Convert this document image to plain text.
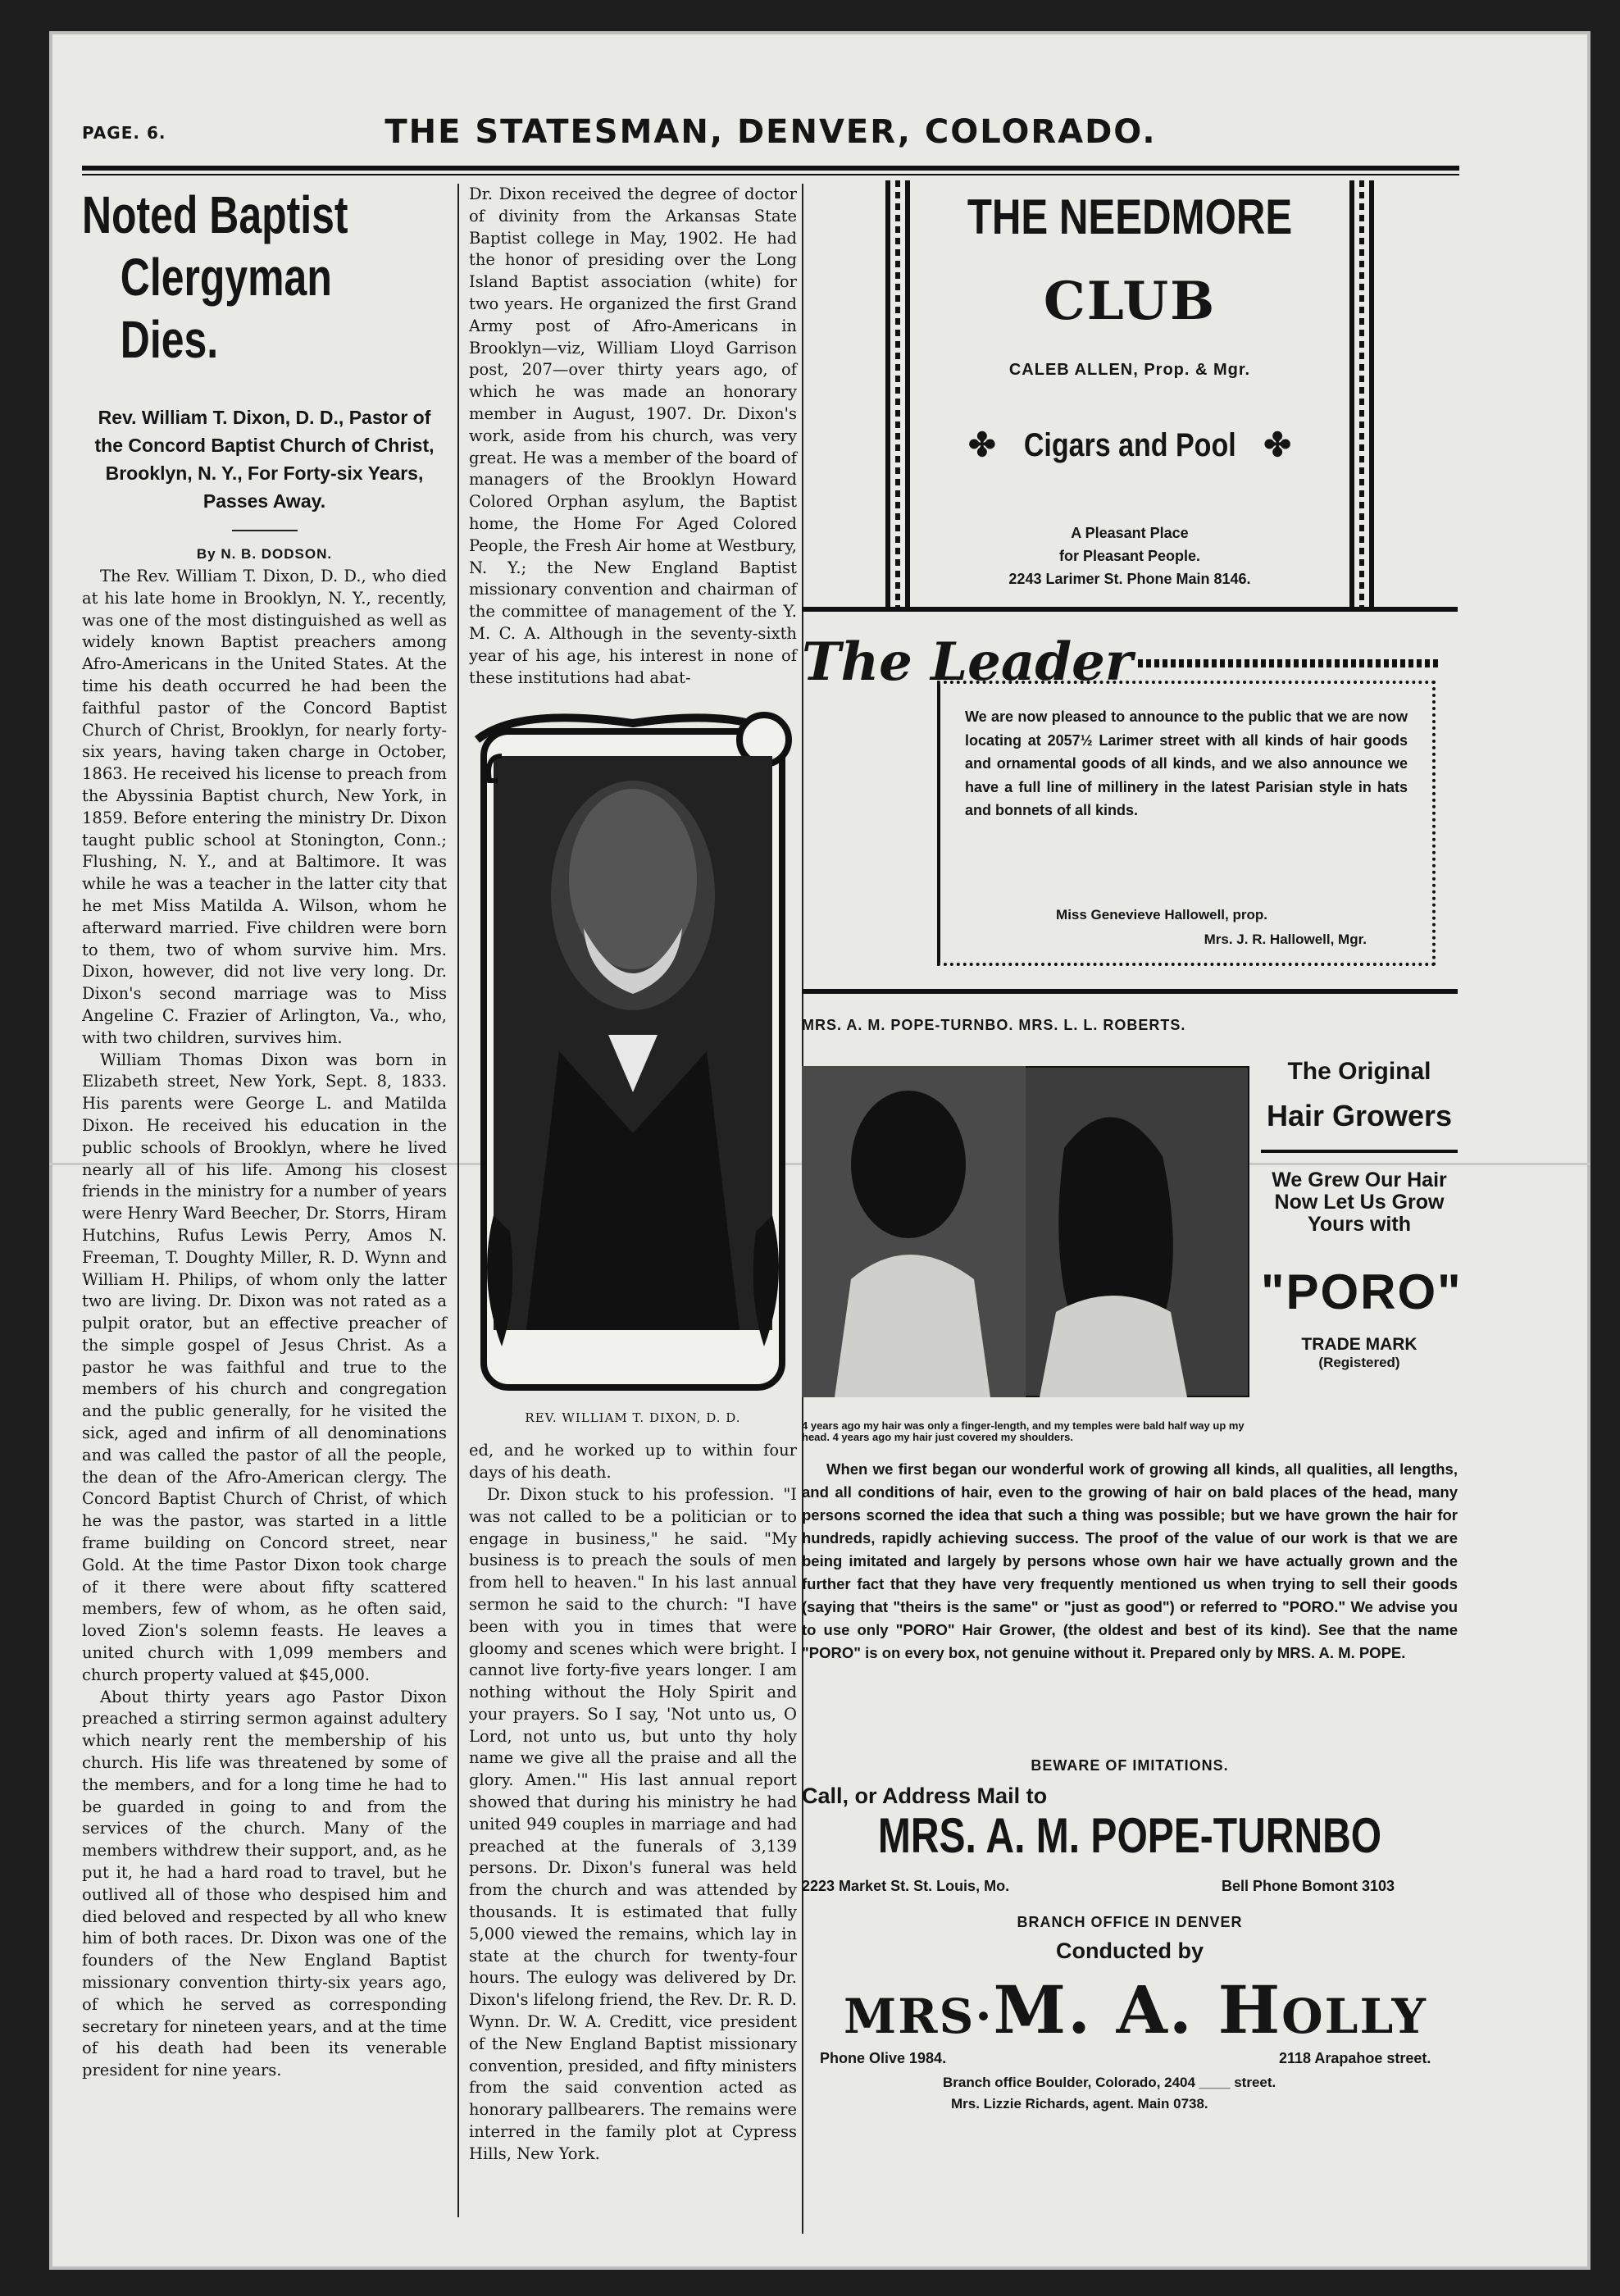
PAGE. 6.	THE STATESMAN, DENVER, COLORADO.
Noted Baptist
Clergyman Dies.
Rev. William T. Dixon, D. D., Pastor of the Concord Baptist Church of Christ, Brooklyn, N. Y., For Forty-six Years, Passes Away.
By N. B. DODSON.

The Rev. William T. Dixon, D. D., who died at his late home in Brooklyn, N. Y., recently, was one of the most distinguished as well as widely known Baptist preachers among Afro-Americans in the United States. At the time his death occurred he had been the faithful pastor of the Concord Baptist Church of Christ, Brooklyn, for nearly forty-six years, having taken charge in October, 1863. He received his license to preach from the Abyssinia Baptist church, New York, in 1859. Before entering the ministry Dr. Dixon taught public school at Stonington, Conn.; Flushing, N. Y., and at Baltimore. It was while he was a teacher in the latter city that he met Miss Matilda A. Wilson, whom he afterward married. Five children were born to them, two of whom survive him. Mrs. Dixon, however, did not live very long. Dr. Dixon's second marriage was to Miss Angeline C. Frazier of Arlington, Va., who, with two children, survives him.

William Thomas Dixon was born in Elizabeth street, New York, Sept. 8, 1833. His parents were George L. and Matilda Dixon. He received his education in the public schools of Brooklyn, where he lived nearly all of his life. Among his closest friends in the ministry for a number of years were Henry Ward Beecher, Dr. Storrs, Hiram Hutchins, Rufus Lewis Perry, Amos N. Freeman, T. Doughty Miller, R. D. Wynn and William H. Philips, of whom only the latter two are living. Dr. Dixon was not rated as a pulpit orator, but an effective preacher of the simple gospel of Jesus Christ. As a pastor he was faithful and true to the members of his church and congregation and the public generally, for he visited the sick, aged and infirm of all denominations and was called the pastor of all the people, the dean of the Afro-American clergy. The Concord Baptist Church of Christ, of which he was the pastor, was started in a little frame building on Concord street, near Gold. At the time Pastor Dixon took charge of it there were about fifty scattered members, few of whom, as he often said, loved Zion's solemn feasts. He leaves a united church with 1,099 members and church property valued at $45,000.

About thirty years ago Pastor Dixon preached a stirring sermon against adultery which nearly rent the membership of his church. His life was threatened by some of the members, and for a long time he had to be guarded in going to and from the services of the church. Many of the members withdrew their support, and, as he put it, he had a hard road to travel, but he outlived all of those who despised him and died beloved and respected by all who knew him of both races. Dr. Dixon was one of the founders of the New England Baptist missionary convention thirty-six years ago, of which he served as corresponding secretary for nineteen years, and at the time of his death had been its venerable president for nine years.

Dr. Dixon received the degree of doctor of divinity from the Arkansas State Baptist college in May, 1902. He had the honor of presiding over the Long Island Baptist association (white) for two years. He organized the first Grand Army post of Afro-Americans in Brooklyn—viz, William Lloyd Garrison post, 207—over thirty years ago, of which he was made an honorary member in August, 1907. Dr. Dixon's work, aside from his church, was very great. He was a member of the board of managers of the Brooklyn Howard Colored Orphan asylum, the Baptist home, the Home For Aged Colored People, the Fresh Air home at Westbury, N. Y.; the New England Baptist missionary convention and chairman of the committee of management of the Y. M. C. A. Although in the seventy-sixth year of his age, his interest in none of these institutions had abat-

REV. WILLIAM T. DIXON, D. D.

ed, and he worked up to within four days of his death.

Dr. Dixon stuck to his profession. "I was not called to be a politician or to engage in business," he said. "My business is to preach the souls of men from hell to heaven." In his last annual sermon he said to the church: "I have been with you in times that were gloomy and scenes which were bright. I cannot live forty-five years longer. I am nothing without the Holy Spirit and your prayers. So I say, 'Not unto us, O Lord, not unto us, but unto thy holy name we give all the praise and all the glory. Amen.'" His last annual report showed that during his ministry he had united 949 couples in marriage and had preached at the funerals of 3,139 persons. Dr. Dixon's funeral was held from the church and was attended by thousands. It is estimated that fully 5,000 viewed the remains, which lay in state at the church for twenty-four hours. The eulogy was delivered by Dr. Dixon's lifelong friend, the Rev. Dr. R. D. Wynn. Dr. W. A. Creditt, vice president of the New England Baptist missionary convention, presided, and fifty ministers from the said convention acted as honorary pallbearers. The remains were interred in the family plot at Cypress Hills, New York.

THE NEEDMORE
CLUB
CALEB ALLEN, Prop. & Mgr.
✤ Cigars and Pool ✤
A Pleasant Place
for Pleasant People.
2243 Larimer St. Phone Main 8146.
The Leader
We are now pleased to announce to the public that we are now locating at 2057½ Larimer street with all kinds of hair goods and ornamental goods of all kinds, and we also announce we have a full line of millinery in the latest Parisian style in hats and bonnets of all kinds.
Miss Genevieve Hallowell, prop.
Mrs. J. R. Hallowell, Mgr.
MRS. A. M. POPE-TURNBO. MRS. L. L. ROBERTS.
4 years ago my hair was only a finger-length, and my temples were bald half way up my head. 4 years ago my hair just covered my shoulders.
The Original
Hair Growers
We Grew Our Hair
Now Let Us Grow
Yours with
"PORO"
TRADE MARK
(Registered)

When we first began our wonderful work of growing all kinds, all qualities, all lengths, and all conditions of hair, even to the growing of hair on bald places of the head, many persons scorned the idea that such a thing was possible; but we have grown the hair for hundreds, rapidly achieving success. The proof of the value of our work is that we are being imitated and largely by persons whose own hair we have actually grown and the further fact that they have very frequently mentioned us when trying to sell their goods (saying that "theirs is the same" or "just as good") or referred to "PORO." We advise you to use only "PORO" Hair Grower, (the oldest and best of its kind). See that the name "PORO" is on every box, not genuine without it. Prepared only by MRS. A. M. POPE.

BEWARE OF IMITATIONS.
Call, or Address Mail to
MRS. A. M. POPE-TURNBO
2223 Market St. St. Louis, Mo.	Bell Phone Bomont 3103
BRANCH OFFICE IN DENVER
Conducted by
MRS·M. A. HOLLY
Phone Olive 1984.	2118 Arapahoe street.
Branch office Boulder, Colorado, 2404 ____ street.
Mrs. Lizzie Richards, agent. Main 0738.
